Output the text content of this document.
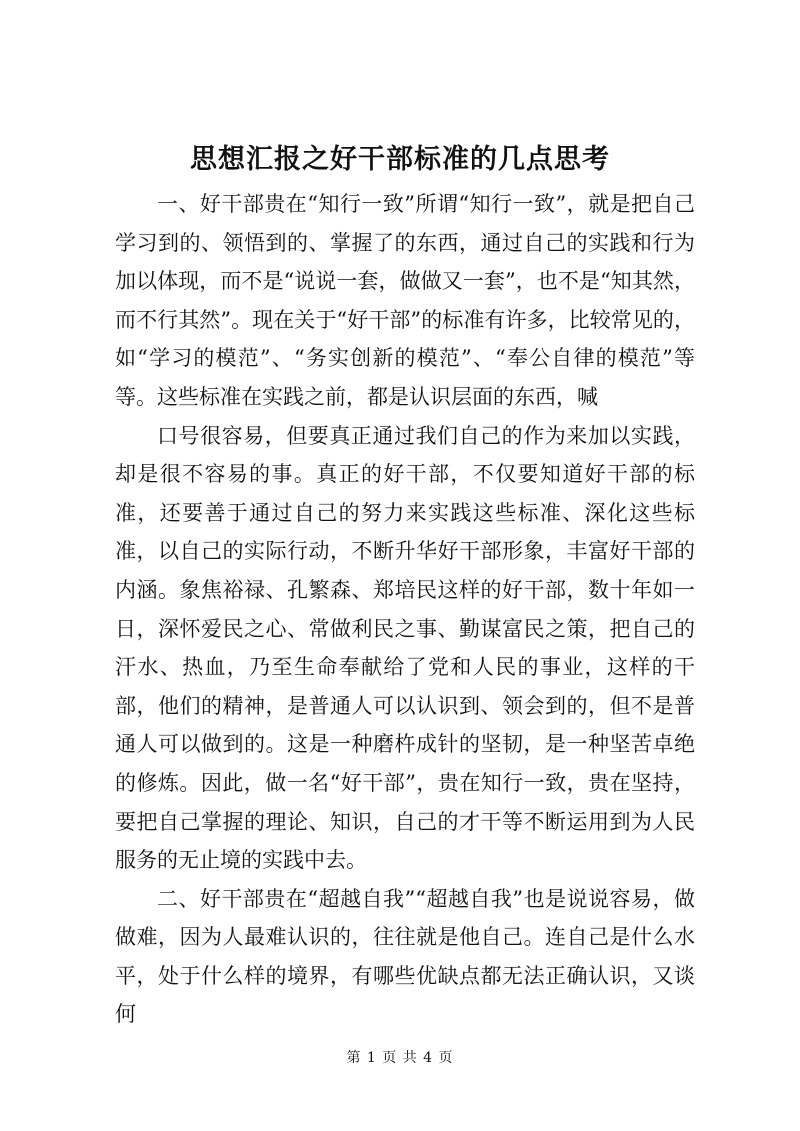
思想汇报之好干部标准的几点思考

一、好干部贵在“知行一致”所谓“知行一致”，就是把自己学习到的、领悟到的、掌握了的东西，通过自己的实践和行为加以体现，而不是“说说一套，做做又一套”，也不是“知其然，而不行其然”。现在关于“好干部”的标准有许多，比较常见的，如“学习的模范”、“务实创新的模范”、“奉公自律的模范”等等。这些标准在实践之前，都是认识层面的东西，喊

口号很容易，但要真正通过我们自己的作为来加以实践，却是很不容易的事。真正的好干部，不仅要知道好干部的标准，还要善于通过自己的努力来实践这些标准、深化这些标准，以自己的实际行动，不断升华好干部形象，丰富好干部的内涵。象焦裕禄、孔繁森、郑培民这样的好干部，数十年如一日，深怀爱民之心、常做利民之事、勤谋富民之策，把自己的汗水、热血，乃至生命奉献给了党和人民的事业，这样的干部，他们的精神，是普通人可以认识到、领会到的，但不是普通人可以做到的。这是一种磨杵成针的坚韧，是一种坚苦卓绝的修炼。因此，做一名“好干部”，贵在知行一致，贵在坚持，要把自己掌握的理论、知识，自己的才干等不断运用到为人民服务的无止境的实践中去。

二、好干部贵在“超越自我”“超越自我”也是说说容易，做做难，因为人最难认识的，往往就是他自己。连自己是什么水平，处于什么样的境界，有哪些优缺点都无法正确认识，又谈何

第 1 页 共 4 页
